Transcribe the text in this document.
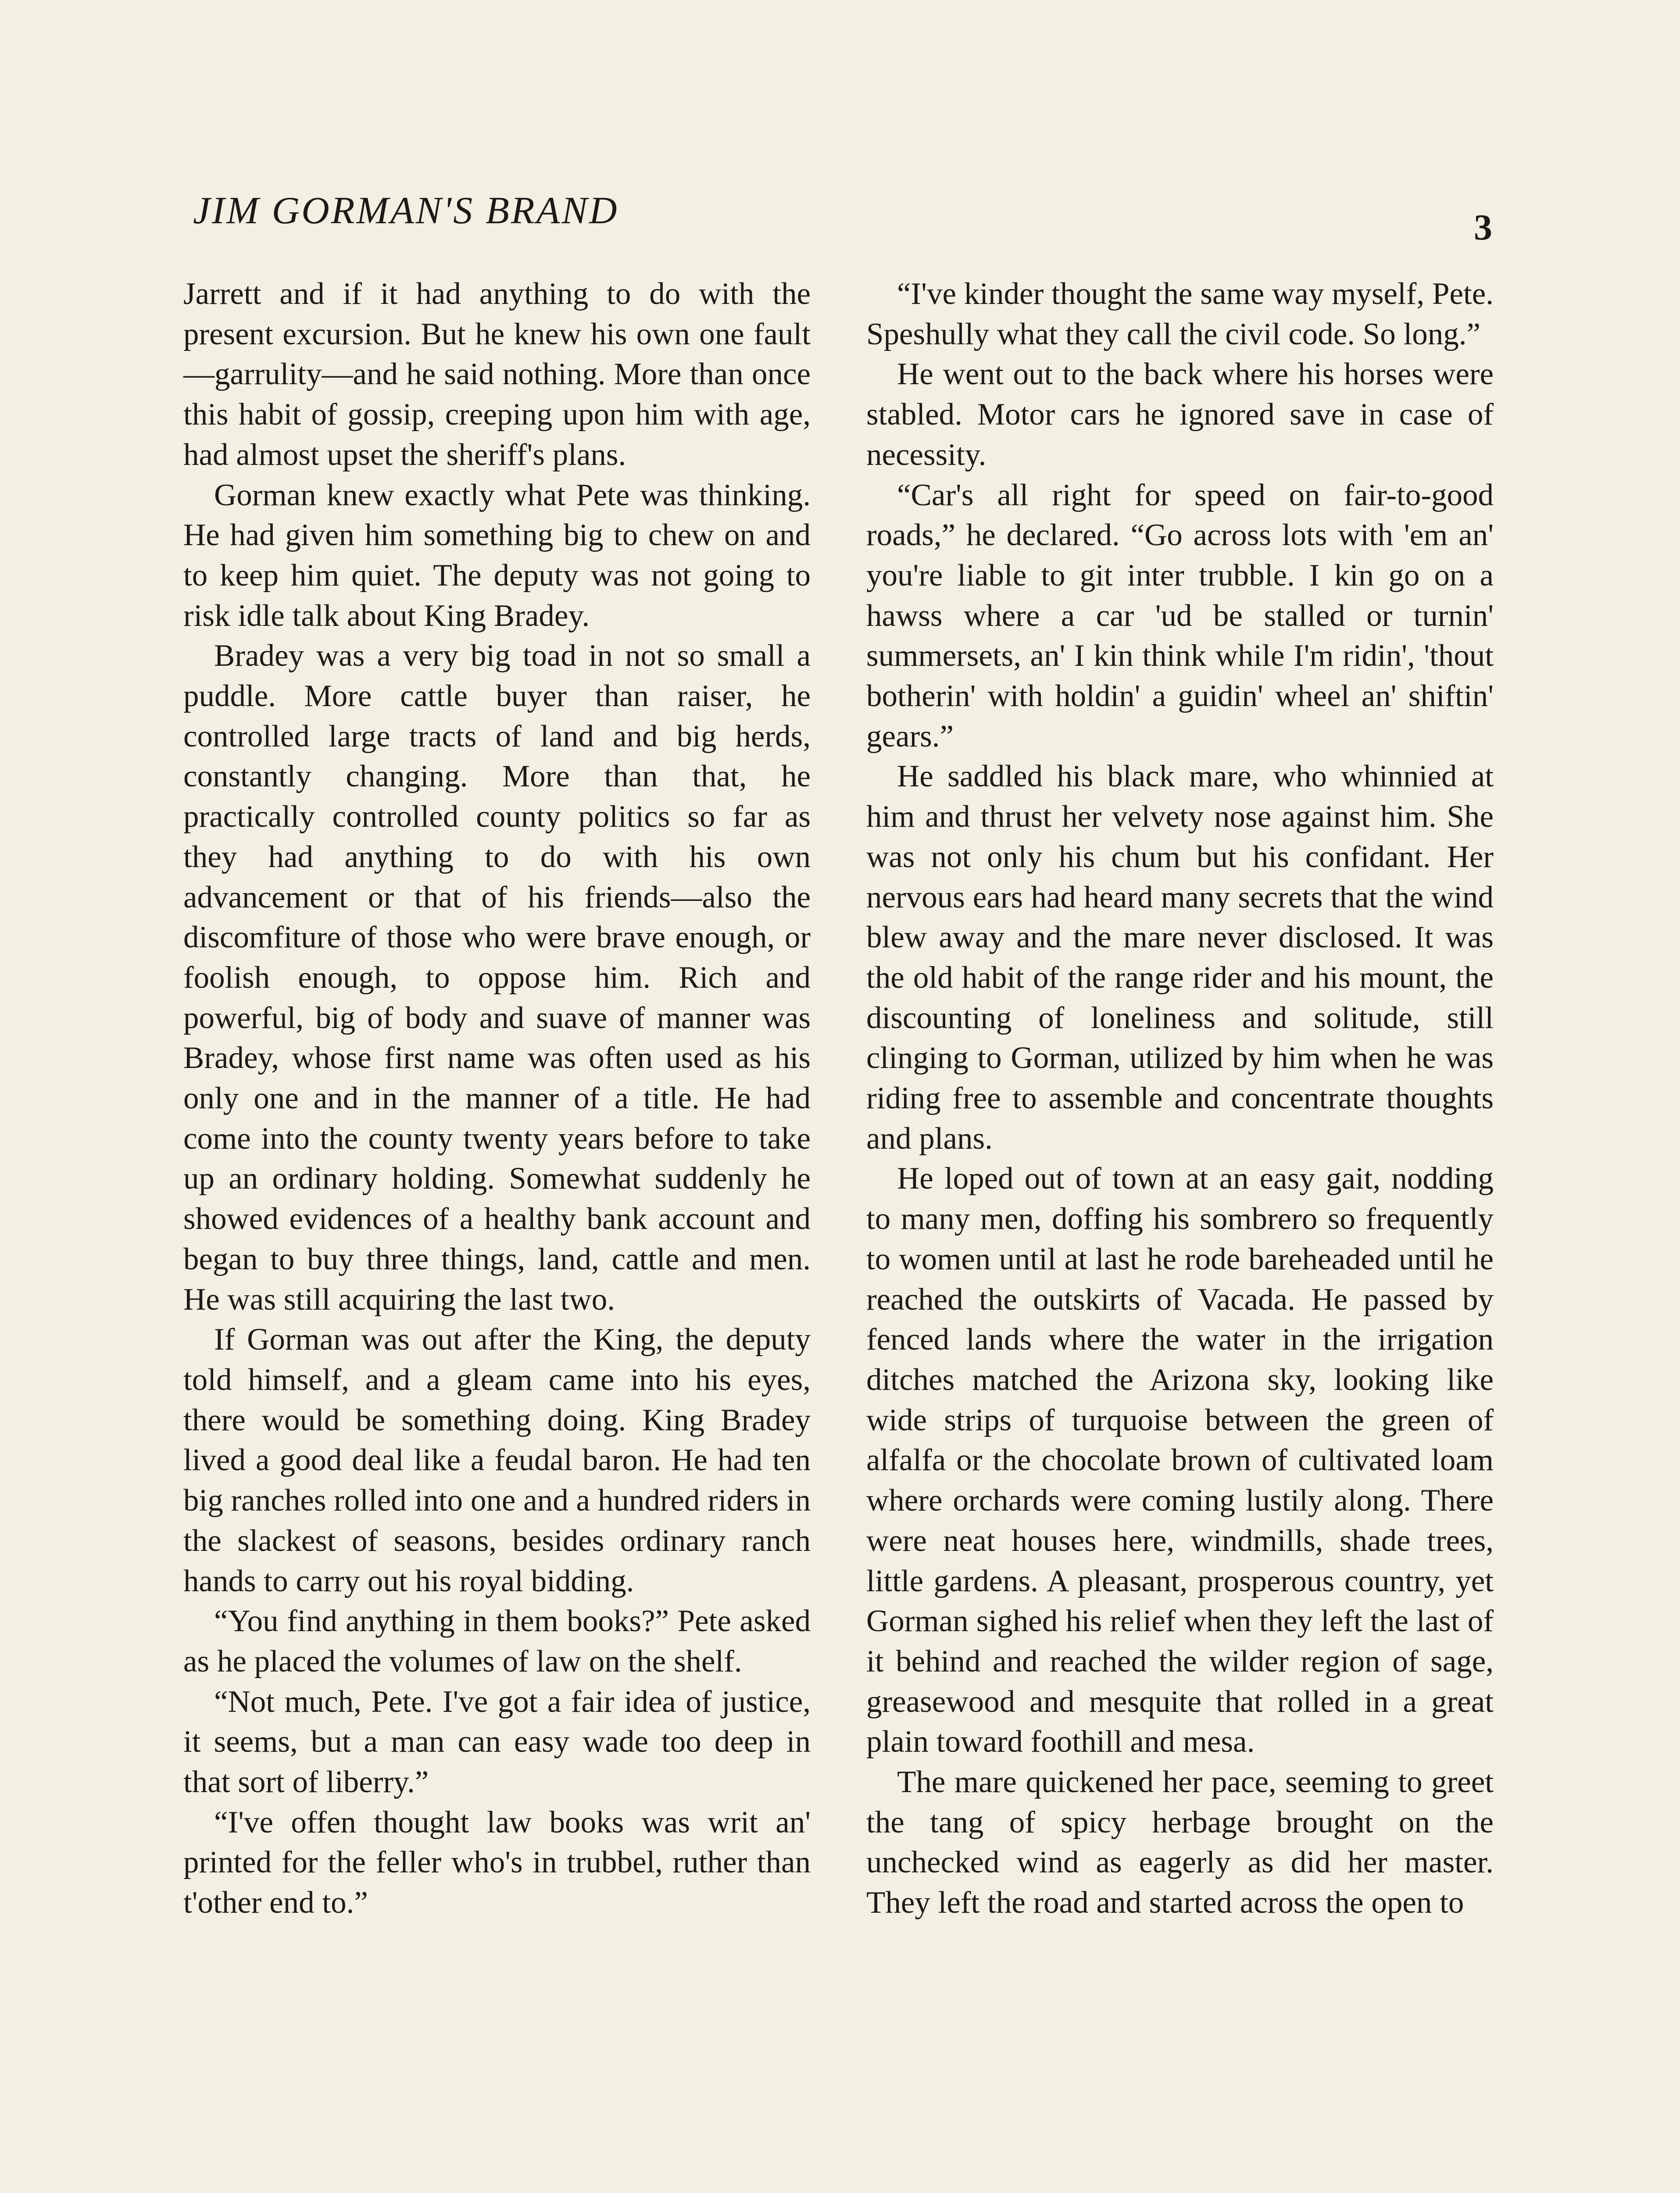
JIM GORMAN'S BRAND	3

Jarrett and if it had anything to do with the present excursion. But he knew his own one fault—garrulity—and he said nothing. More than once this habit of gossip, creeping upon him with age, had almost upset the sheriff's plans.

Gorman knew exactly what Pete was thinking. He had given him something big to chew on and to keep him quiet. The deputy was not going to risk idle talk about King Bradey.

Bradey was a very big toad in not so small a puddle. More cattle buyer than raiser, he controlled large tracts of land and big herds, constantly changing. More than that, he practically controlled county politics so far as they had anything to do with his own advancement or that of his friends—also the discomfiture of those who were brave enough, or foolish enough, to oppose him. Rich and powerful, big of body and suave of manner was Bradey, whose first name was often used as his only one and in the manner of a title. He had come into the county twenty years before to take up an ordinary holding. Somewhat suddenly he showed evidences of a healthy bank account and began to buy three things, land, cattle and men. He was still acquiring the last two.

If Gorman was out after the King, the deputy told himself, and a gleam came into his eyes, there would be something doing. King Bradey lived a good deal like a feudal baron. He had ten big ranches rolled into one and a hundred riders in the slackest of seasons, besides ordinary ranch hands to carry out his royal bidding.

“You find anything in them books?” Pete asked as he placed the volumes of law on the shelf.

“Not much, Pete. I've got a fair idea of justice, it seems, but a man can easy wade too deep in that sort of liberry.”

“I've offen thought law books was writ an' printed for the feller who's in trubbel, ruther than t'other end to.”

“I've kinder thought the same way myself, Pete. Speshully what they call the civil code. So long.”

He went out to the back where his horses were stabled. Motor cars he ignored save in case of necessity.

“Car's all right for speed on fair-to-good roads,” he declared. “Go across lots with 'em an' you're liable to git inter trubble. I kin go on a hawss where a car 'ud be stalled or turnin' summersets, an' I kin think while I'm ridin', 'thout botherin' with holdin' a guidin' wheel an' shiftin' gears.”

He saddled his black mare, who whinnied at him and thrust her velvety nose against him. She was not only his chum but his confidant. Her nervous ears had heard many secrets that the wind blew away and the mare never disclosed. It was the old habit of the range rider and his mount, the discounting of loneliness and solitude, still clinging to Gorman, utilized by him when he was riding free to assemble and concentrate thoughts and plans.

He loped out of town at an easy gait, nodding to many men, doffing his sombrero so frequently to women until at last he rode bareheaded until he reached the outskirts of Vacada. He passed by fenced lands where the water in the irrigation ditches matched the Arizona sky, looking like wide strips of turquoise between the green of alfalfa or the chocolate brown of cultivated loam where orchards were coming lustily along. There were neat houses here, windmills, shade trees, little gardens. A pleasant, prosperous country, yet Gorman sighed his relief when they left the last of it behind and reached the wilder region of sage, greasewood and mesquite that rolled in a great plain toward foothill and mesa.

The mare quickened her pace, seeming to greet the tang of spicy herbage brought on the unchecked wind as eagerly as did her master. They left the road and started across the open to
